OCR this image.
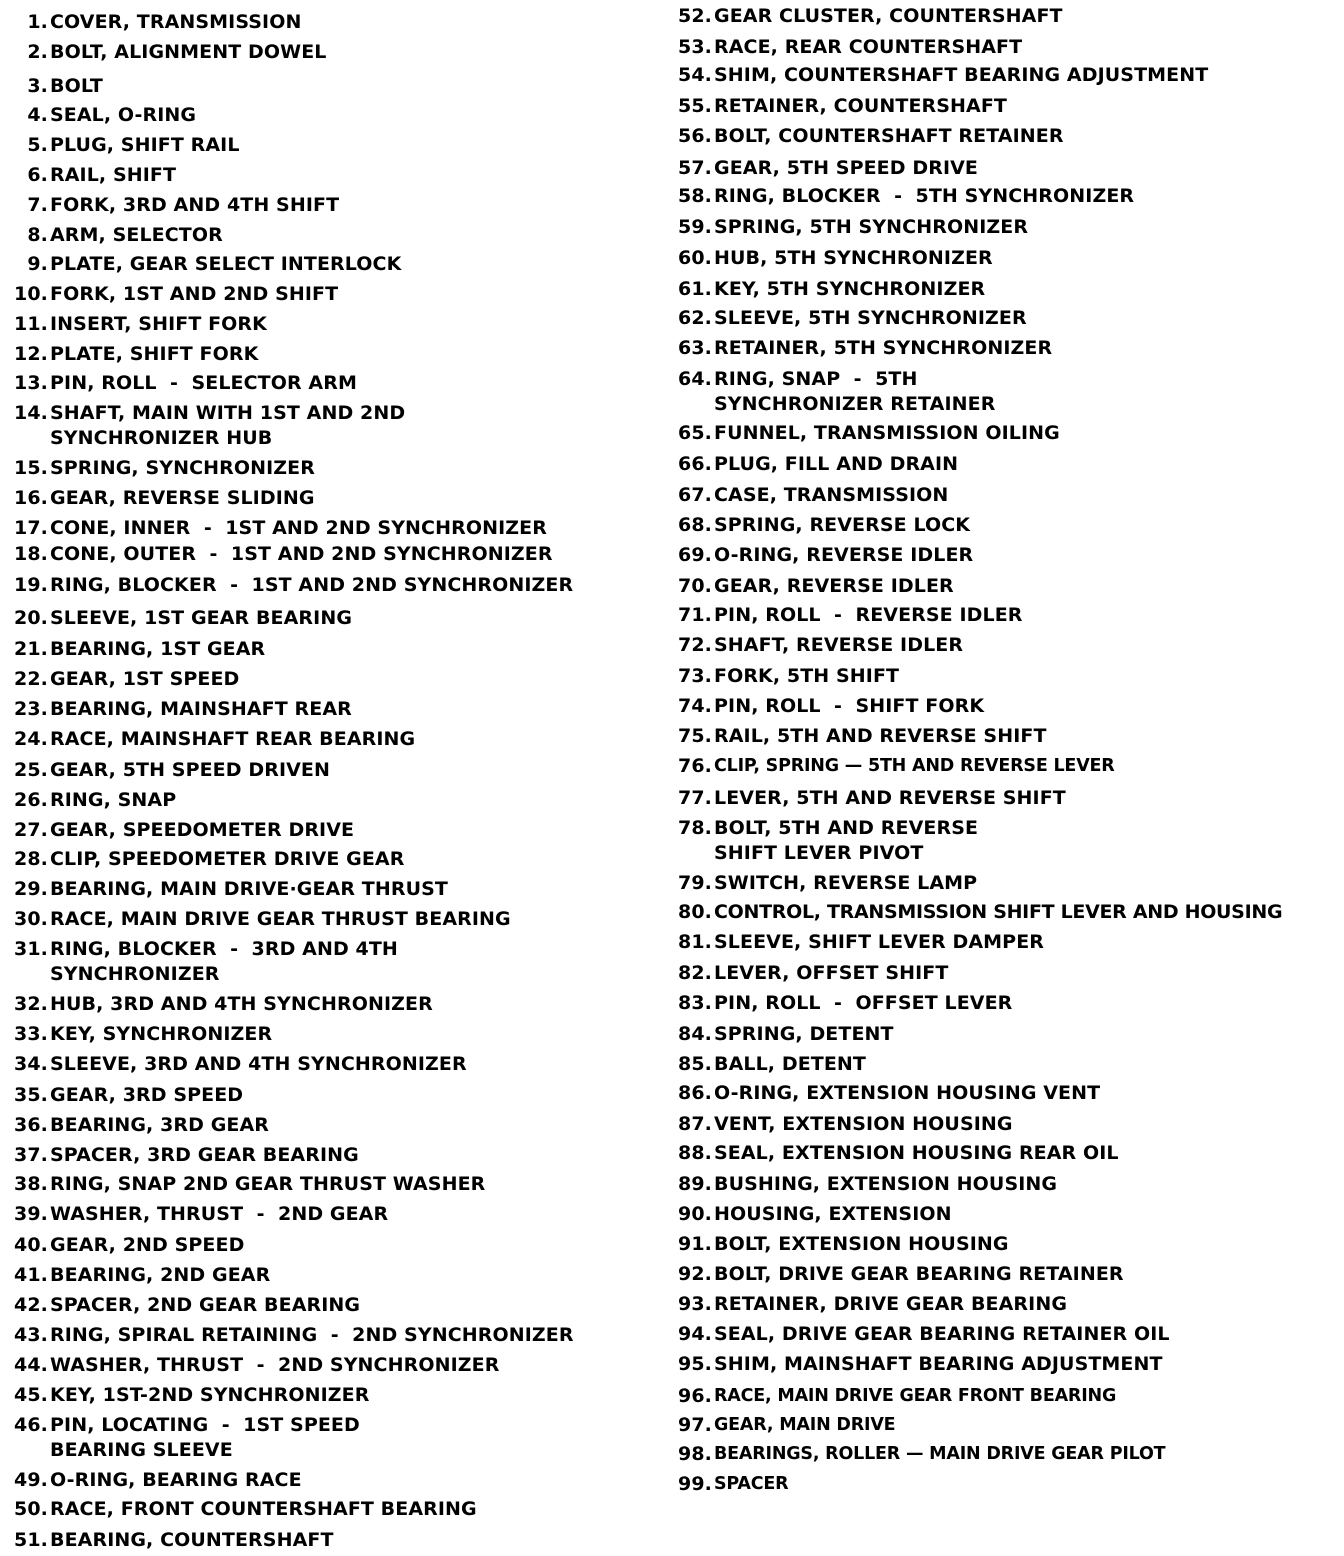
1. COVER, TRANSMISSION
2. BOLT, ALIGNMENT DOWEL
3. BOLT
4. SEAL, O-RING
5. PLUG, SHIFT RAIL
6. RAIL, SHIFT
7. FORK, 3RD AND 4TH SHIFT
8. ARM, SELECTOR
9. PLATE, GEAR SELECT INTERLOCK
10. FORK, 1ST AND 2ND SHIFT
11. INSERT, SHIFT FORK
12. PLATE, SHIFT FORK
13. PIN, ROLL  -  SELECTOR ARM
14. SHAFT, MAIN WITH 1ST AND 2ND
SYNCHRONIZER HUB
15. SPRING, SYNCHRONIZER
16. GEAR, REVERSE SLIDING
17. CONE, INNER  -  1ST AND 2ND SYNCHRONIZER
18. CONE, OUTER  -  1ST AND 2ND SYNCHRONIZER
19. RING, BLOCKER  -  1ST AND 2ND SYNCHRONIZER
20. SLEEVE, 1ST GEAR BEARING
21. BEARING, 1ST GEAR
22. GEAR, 1ST SPEED
23. BEARING, MAINSHAFT REAR
24. RACE, MAINSHAFT REAR BEARING
25. GEAR, 5TH SPEED DRIVEN
26. RING, SNAP
27. GEAR, SPEEDOMETER DRIVE
28. CLIP, SPEEDOMETER DRIVE GEAR
29. BEARING, MAIN DRIVE·GEAR THRUST
30. RACE, MAIN DRIVE GEAR THRUST BEARING
31. RING, BLOCKER  -  3RD AND 4TH
SYNCHRONIZER
32. HUB, 3RD AND 4TH SYNCHRONIZER
33. KEY, SYNCHRONIZER
34. SLEEVE, 3RD AND 4TH SYNCHRONIZER
35. GEAR, 3RD SPEED
36. BEARING, 3RD GEAR
37. SPACER, 3RD GEAR BEARING
38. RING, SNAP 2ND GEAR THRUST WASHER
39. WASHER, THRUST  -  2ND GEAR
40. GEAR, 2ND SPEED
41. BEARING, 2ND GEAR
42. SPACER, 2ND GEAR BEARING
43. RING, SPIRAL RETAINING  -  2ND SYNCHRONIZER
44. WASHER, THRUST  -  2ND SYNCHRONIZER
45. KEY, 1ST-2ND SYNCHRONIZER
46. PIN, LOCATING  -  1ST SPEED
BEARING SLEEVE
49. O-RING, BEARING RACE
50. RACE, FRONT COUNTERSHAFT BEARING
51. BEARING, COUNTERSHAFT
52. GEAR CLUSTER, COUNTERSHAFT
53. RACE, REAR COUNTERSHAFT
54. SHIM, COUNTERSHAFT BEARING ADJUSTMENT
55. RETAINER, COUNTERSHAFT
56. BOLT, COUNTERSHAFT RETAINER
57. GEAR, 5TH SPEED DRIVE
58. RING, BLOCKER  -  5TH SYNCHRONIZER
59. SPRING, 5TH SYNCHRONIZER
60. HUB, 5TH SYNCHRONIZER
61. KEY, 5TH SYNCHRONIZER
62. SLEEVE, 5TH SYNCHRONIZER
63. RETAINER, 5TH SYNCHRONIZER
64. RING, SNAP  -  5TH
SYNCHRONIZER RETAINER
65. FUNNEL, TRANSMISSION OILING
66. PLUG, FILL AND DRAIN
67. CASE, TRANSMISSION
68. SPRING, REVERSE LOCK
69. O-RING, REVERSE IDLER
70. GEAR, REVERSE IDLER
71. PIN, ROLL  -  REVERSE IDLER
72. SHAFT, REVERSE IDLER
73. FORK, 5TH SHIFT
74. PIN, ROLL  -  SHIFT FORK
75. RAIL, 5TH AND REVERSE SHIFT
76. CLIP, SPRING — 5TH AND REVERSE LEVER
77. LEVER, 5TH AND REVERSE SHIFT
78. BOLT, 5TH AND REVERSE
SHIFT LEVER PIVOT
79. SWITCH, REVERSE LAMP
80. CONTROL, TRANSMISSION SHIFT LEVER AND HOUSING
81. SLEEVE, SHIFT LEVER DAMPER
82. LEVER, OFFSET SHIFT
83. PIN, ROLL  -  OFFSET LEVER
84. SPRING, DETENT
85. BALL, DETENT
86. O-RING, EXTENSION HOUSING VENT
87. VENT, EXTENSION HOUSING
88. SEAL, EXTENSION HOUSING REAR OIL
89. BUSHING, EXTENSION HOUSING
90. HOUSING, EXTENSION
91. BOLT, EXTENSION HOUSING
92. BOLT, DRIVE GEAR BEARING RETAINER
93. RETAINER, DRIVE GEAR BEARING
94. SEAL, DRIVE GEAR BEARING RETAINER OIL
95. SHIM, MAINSHAFT BEARING ADJUSTMENT
96. RACE, MAIN DRIVE GEAR FRONT BEARING
97. GEAR, MAIN DRIVE
98. BEARINGS, ROLLER — MAIN DRIVE GEAR PILOT
99. SPACER
